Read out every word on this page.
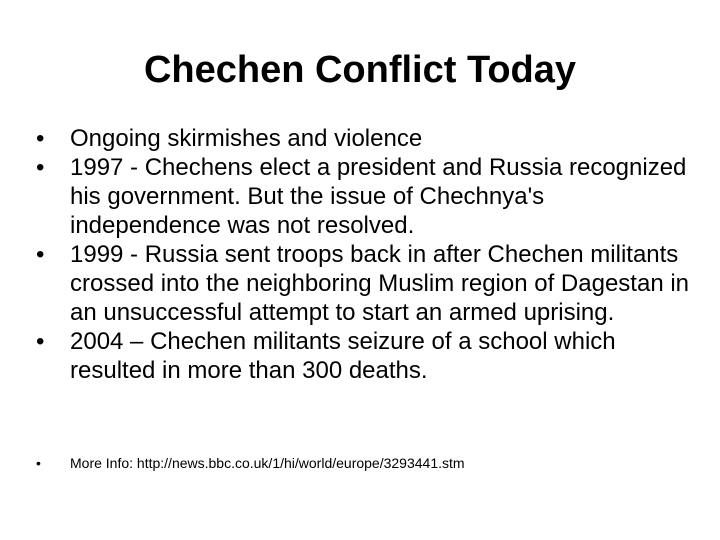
Chechen Conflict Today
•	Ongoing skirmishes and violence
•	1997 - Chechens elect a president and Russia recognized his government. But the issue of Chechnya's independence was not resolved.
•	1999 - Russia sent troops back in after Chechen militants crossed into the neighboring Muslim region of Dagestan in an unsuccessful attempt to start an armed uprising.
•	2004 – Chechen militants seizure of a school which resulted in more than 300 deaths.
•	More Info: http://news.bbc.co.uk/1/hi/world/europe/3293441.stm
